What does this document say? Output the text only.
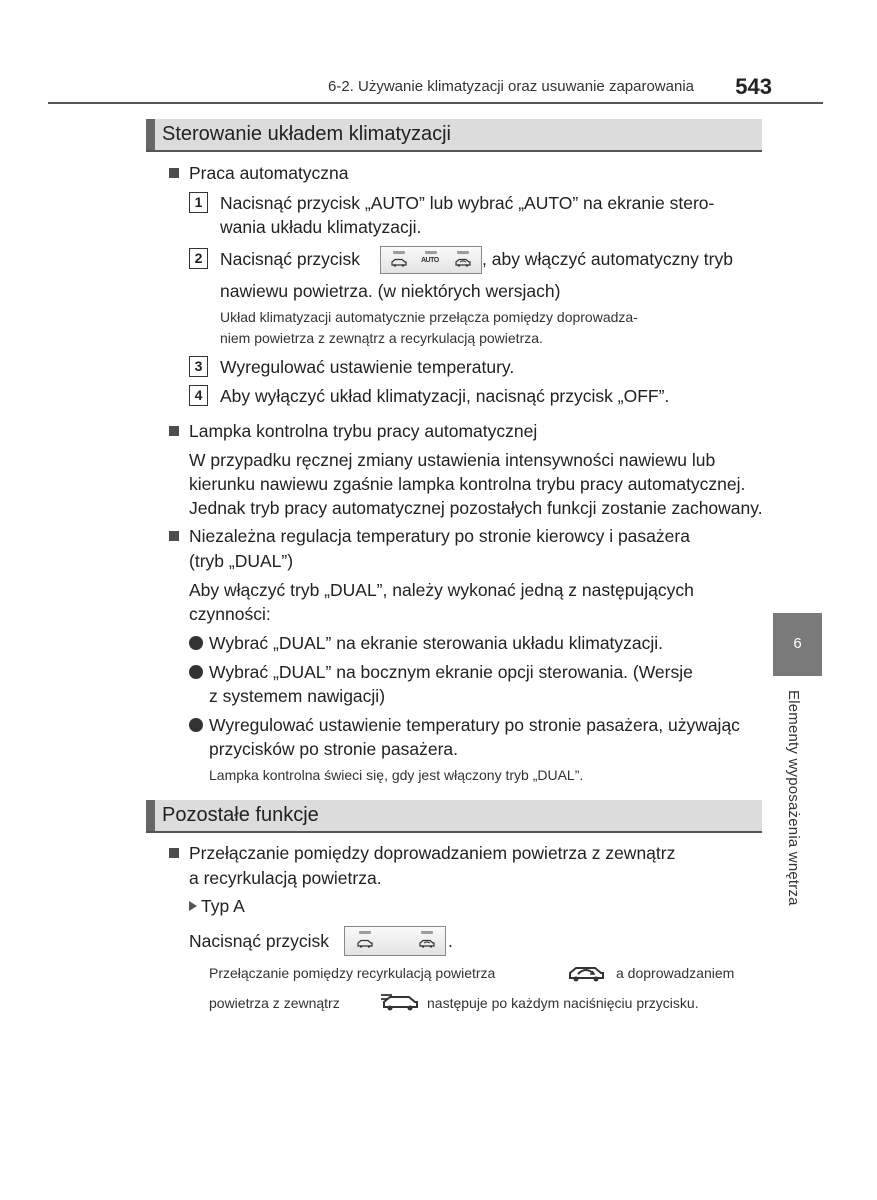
6-2. Używanie klimatyzacji oraz usuwanie zaparowania	543
Sterowanie układem klimatyzacji
Praca automatyczna
1	Nacisnąć przycisk „AUTO” lub wybrać „AUTO” na ekranie stero-
wania układu klimatyzacji.
2	Nacisnąć przycisk	AUTO , aby włączyć automatyczny tryb
nawiewu powietrza. (w niektórych wersjach)
Układ klimatyzacji automatycznie przełącza pomiędzy doprowadza-
niem powietrza z zewnątrz a recyrkulacją powietrza.
3	Wyregulować ustawienie temperatury.
4	Aby wyłączyć układ klimatyzacji, nacisnąć przycisk „OFF”.
Lampka kontrolna trybu pracy automatycznej
W przypadku ręcznej zmiany ustawienia intensywności nawiewu lub
kierunku nawiewu zgaśnie lampka kontrolna trybu pracy automatycznej.
Jednak tryb pracy automatycznej pozostałych funkcji zostanie zachowany.
Niezależna regulacja temperatury po stronie kierowcy i pasażera
(tryb „DUAL”)
Aby włączyć tryb „DUAL”, należy wykonać jedną z następujących
czynności:
Wybrać „DUAL” na ekranie sterowania układu klimatyzacji.
Wybrać „DUAL” na bocznym ekranie opcji sterowania. (Wersje
z systemem nawigacji)
Wyregulować ustawienie temperatury po stronie pasażera, używając
przycisków po stronie pasażera.
Lampka kontrolna świeci się, gdy jest włączony tryb „DUAL”.
Pozostałe funkcje
Przełączanie pomiędzy doprowadzaniem powietrza z zewnątrz
a recyrkulacją powietrza.
Typ A
Nacisnąć przycisk	.
Przełączanie pomiędzy recyrkulacją powietrza	a doprowadzaniem
powietrza z zewnątrz	następuje po każdym naciśnięciu przycisku.
6
Elementy wyposażenia wnętrza
